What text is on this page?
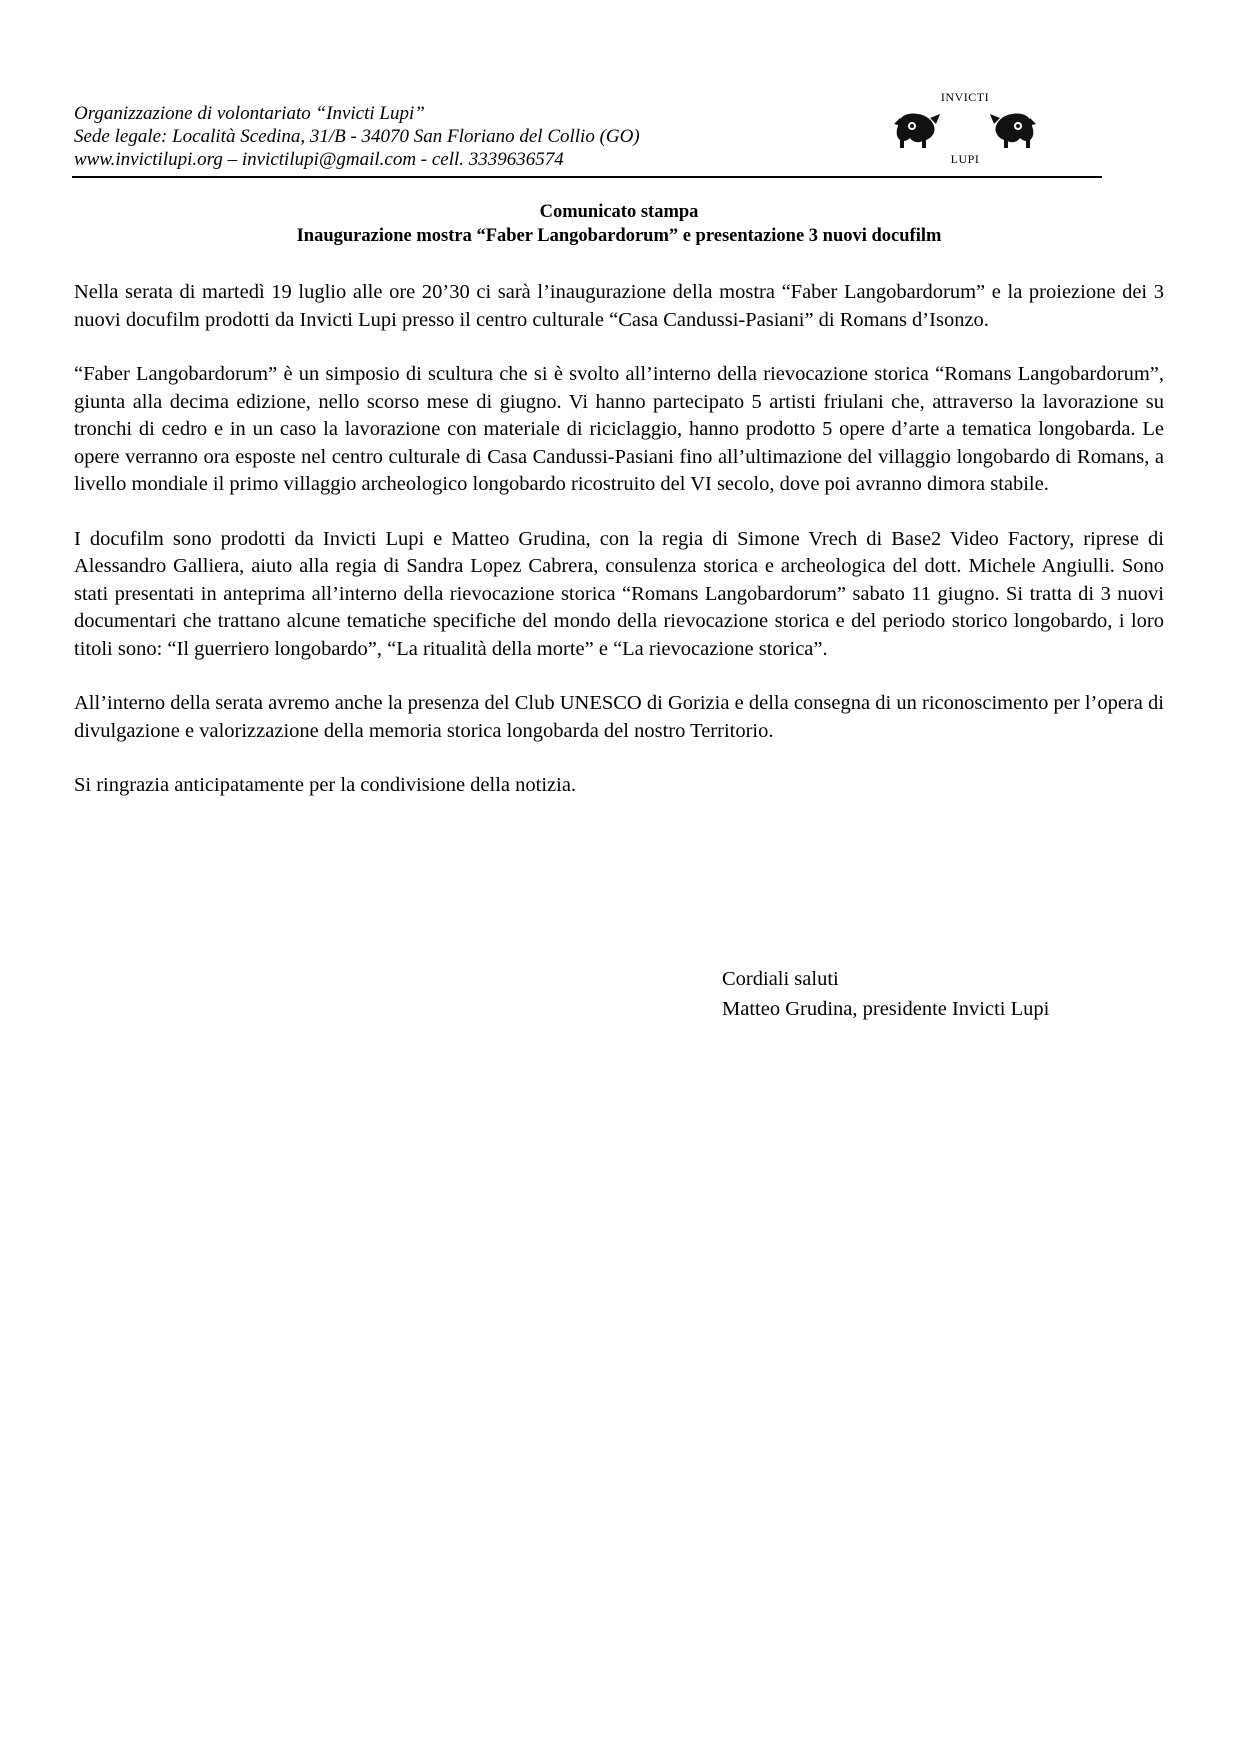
Organizzazione di volontariato “Invicti Lupi”
Sede legale: Località Scedina, 31/B - 34070 San Floriano del Collio (GO)
www.invictilupi.org – invictilupi@gmail.com - cell. 3339636574
INVICTI
LUPI
Comunicato stampa
Inaugurazione mostra “Faber Langobardorum” e presentazione 3 nuovi docufilm

Nella serata di martedì 19 luglio alle ore 20’30 ci sarà l’inaugurazione della mostra “Faber Langobardorum” e la proiezione dei 3 nuovi docufilm prodotti da Invicti Lupi presso il centro culturale “Casa Candussi-Pasiani” di Romans d’Isonzo.

“Faber Langobardorum” è un simposio di scultura che si è svolto all’interno della rievocazione storica “Romans Langobardorum”, giunta alla decima edizione, nello scorso mese di giugno. Vi hanno partecipato 5 artisti friulani che, attraverso la lavorazione su tronchi di cedro e in un caso la lavorazione con materiale di riciclaggio, hanno prodotto 5 opere d’arte a tematica longobarda. Le opere verranno ora esposte nel centro culturale di Casa Candussi-Pasiani fino all’ultimazione del villaggio longobardo di Romans, a livello mondiale il primo villaggio archeologico longobardo ricostruito del VI secolo, dove poi avranno dimora stabile.

I docufilm sono prodotti da Invicti Lupi e Matteo Grudina, con la regia di Simone Vrech di Base2 Video Factory, riprese di Alessandro Galliera, aiuto alla regia di Sandra Lopez Cabrera, consulenza storica e archeologica del dott. Michele Angiulli. Sono stati presentati in anteprima all’interno della rievocazione storica “Romans Langobardorum” sabato 11 giugno. Si tratta di 3 nuovi documentari che trattano alcune tematiche specifiche del mondo della rievocazione storica e del periodo storico longobardo, i loro titoli sono: “Il guerriero longobardo”, “La ritualità della morte” e “La rievocazione storica”.

All’interno della serata avremo anche la presenza del Club UNESCO di Gorizia e della consegna di un riconoscimento per l’opera di divulgazione e valorizzazione della memoria storica longobarda del nostro Territorio.

Si ringrazia anticipatamente per la condivisione della notizia.

Cordiali saluti
Matteo Grudina, presidente Invicti Lupi
